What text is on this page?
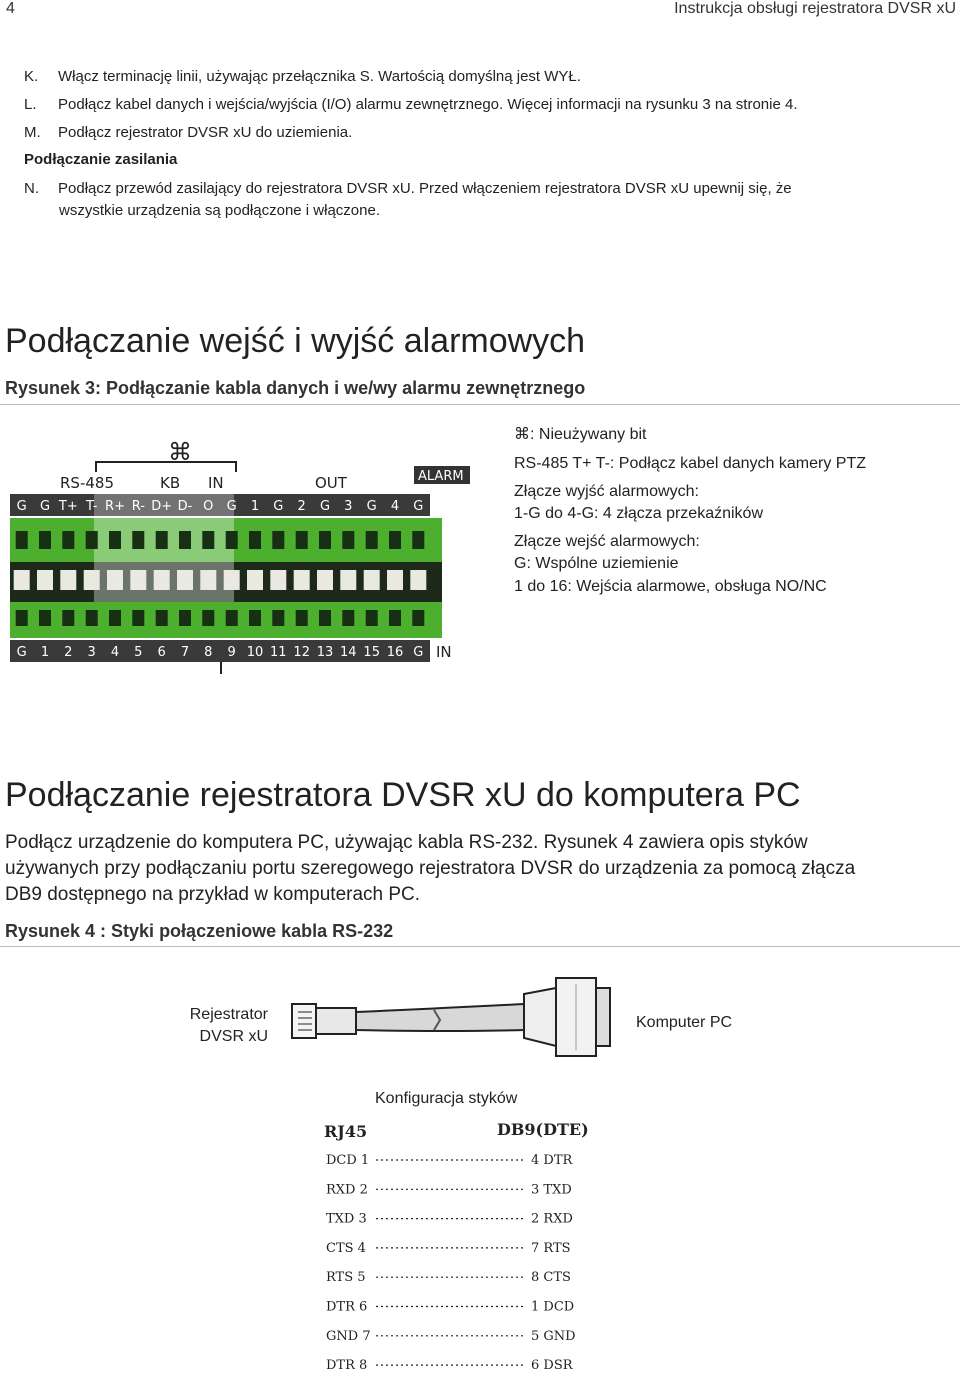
4	Instrukcja obsługi rejestratora DVSR xU
K. Włącz terminację linii, używając przełącznika S. Wartością domyślną jest WYŁ.
L. Podłącz kabel danych i wejścia/wyjścia (I/O) alarmu zewnętrznego. Więcej informacji na rysunku 3 na stronie 4.
M. Podłącz rejestrator DVSR xU do uziemienia.
Podłączanie zasilania
N. Podłącz przewód zasilający do rejestratora DVSR xU. Przed włączeniem rejestratora DVSR xU upewnij się, że
wszystkie urządzenia są podłączone i włączone.
Podłączanie wejść i wyjść alarmowych
Rysunek 3: Podłączanie kabla danych i we/wy alarmu zewnętrznego
⌘
RS-485	KB IN	OUT	ALARM
G G T+ T- R+ R- D+ D- O G 1 G 2 G 3 G 4 G
G 1 2 3 4 5 6 7 8 9 10 11 12 13 14 15 16 G IN
⌘: Nieużywany bit
RS-485 T+ T-: Podłącz kabel danych kamery PTZ
Złącze wyjść alarmowych:
1-G do 4-G: 4 złącza przekaźników
Złącze wejść alarmowych:
G: Wspólne uziemienie
1 do 16: Wejścia alarmowe, obsługa NO/NC
Podłączanie rejestratora DVSR xU do komputera PC
Podłącz urządzenie do komputera PC, używając kabla RS-232. Rysunek 4 zawiera opis styków
używanych przy podłączaniu portu szeregowego rejestratora DVSR do urządzenia za pomocą złącza
DB9 dostępnego na przykład w komputerach PC.
Rysunek 4 : Styki połączeniowe kabla RS-232
Rejestrator
DVSR xU
Komputer PC
Konfiguracja styków
RJ45	DB9(DTE)
DCD 1	4 DTR
RXD 2	3 TXD
TXD 3	2 RXD
CTS 4	7 RTS
RTS 5	8 CTS
DTR 6	1 DCD
GND 7	5 GND
DTR 8	6 DSR
